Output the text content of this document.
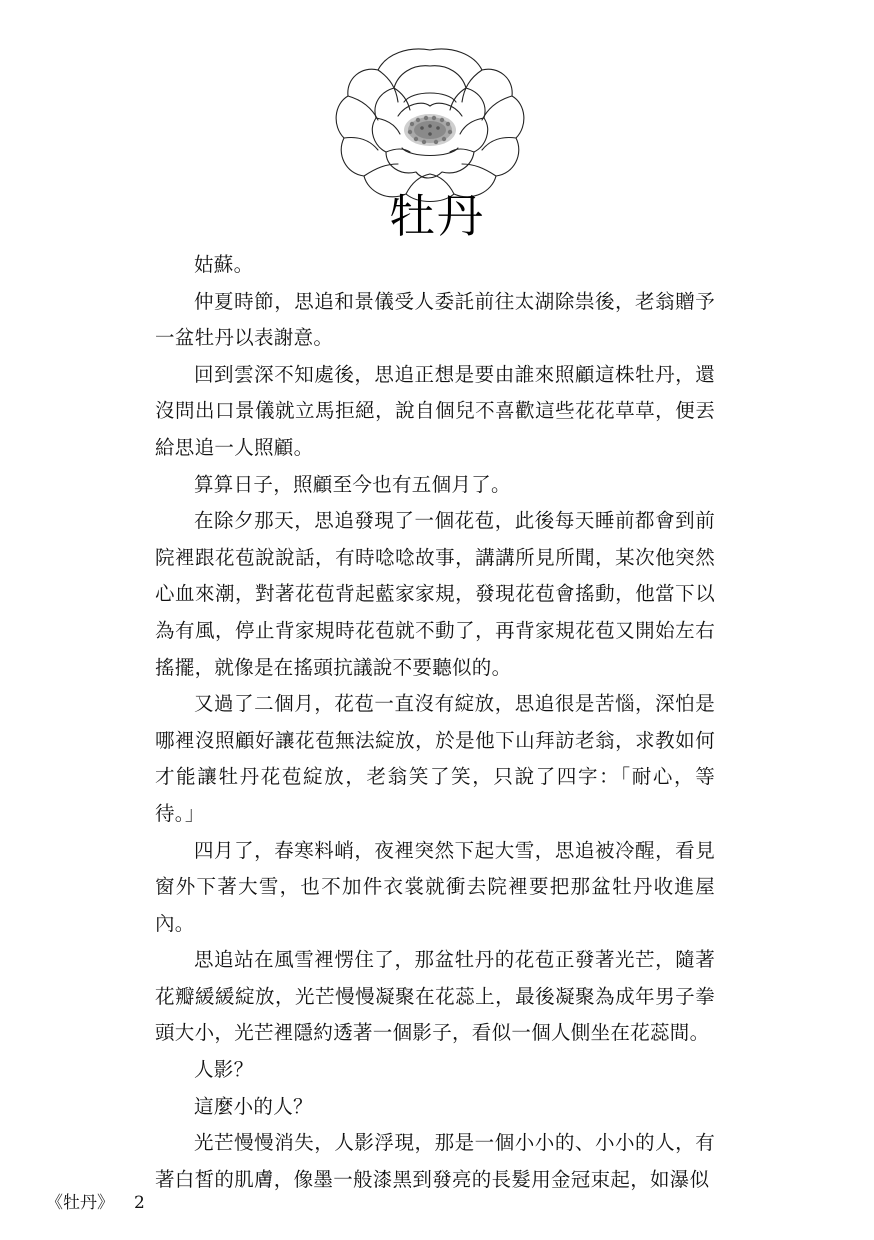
牡丹

姑蘇。

仲夏時節，思追和景儀受人委託前往太湖除祟後，老翁贈予一盆牡丹以表謝意。

回到雲深不知處後，思追正想是要由誰來照顧這株牡丹，還沒問出口景儀就立馬拒絕，說自個兒不喜歡這些花花草草，便丟給思追一人照顧。

算算日子，照顧至今也有五個月了。

在除夕那天，思追發現了一個花苞，此後每天睡前都會到前院裡跟花苞說說話，有時唸唸故事，講講所見所聞，某次他突然心血來潮，對著花苞背起藍家家規，發現花苞會搖動，他當下以為有風，停止背家規時花苞就不動了，再背家規花苞又開始左右搖擺，就像是在搖頭抗議說不要聽似的。

又過了二個月，花苞一直沒有綻放，思追很是苦惱，深怕是哪裡沒照顧好讓花苞無法綻放，於是他下山拜訪老翁，求教如何才能讓牡丹花苞綻放，老翁笑了笑，只說了四字：「耐心，等待。」

四月了，春寒料峭，夜裡突然下起大雪，思追被冷醒，看見窗外下著大雪，也不加件衣裳就衝去院裡要把那盆牡丹收進屋內。

思追站在風雪裡愣住了，那盆牡丹的花苞正發著光芒，隨著花瓣緩緩綻放，光芒慢慢凝聚在花蕊上，最後凝聚為成年男子拳頭大小，光芒裡隱約透著一個影子，看似一個人側坐在花蕊間。

人影？

這麼小的人？

光芒慢慢消失，人影浮現，那是一個小小的、小小的人，有著白皙的肌膚，像墨一般漆黑到發亮的長髮用金冠束起，如瀑似

《牡丹》 2
